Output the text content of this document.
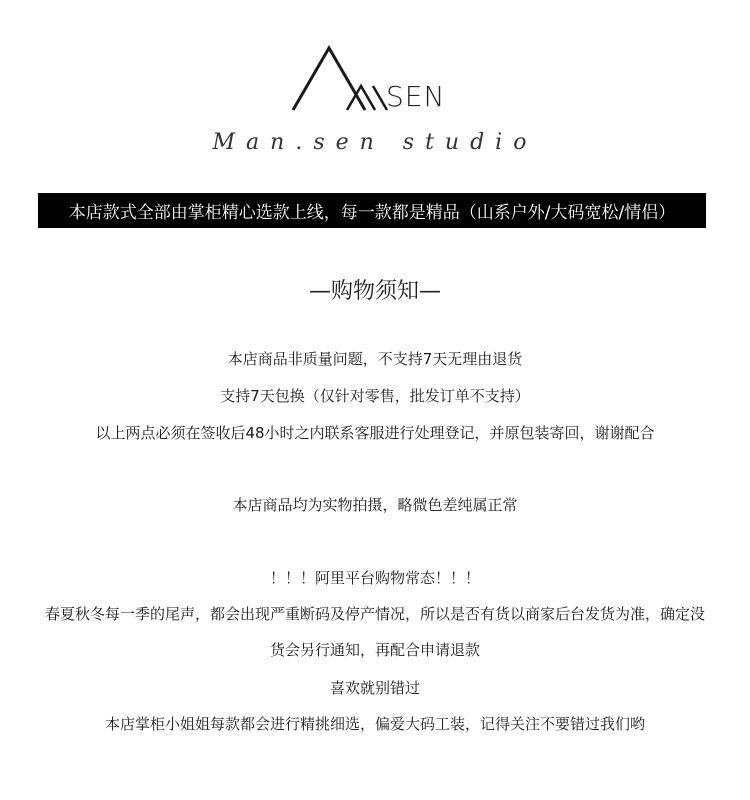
SEN
Man.sen studio
本店款式全部由掌柜精心选款上线，每一款都是精品（山系户外/大码宽松/情侣）
—购物须知—
本店商品非质量问题，不支持7天无理由退货
支持7天包换（仅针对零售，批发订单不支持）
以上两点必须在签收后48小时之内联系客服进行处理登记，并原包装寄回，谢谢配合
本店商品均为实物拍摄，略微色差纯属正常
！！！阿里平台购物常态！！！
春夏秋冬每一季的尾声，都会出现严重断码及停产情况，所以是否有货以商家后台发货为准，确定没
货会另行通知，再配合申请退款
喜欢就别错过
本店掌柜小姐姐每款都会进行精挑细选，偏爱大码工装，记得关注不要错过我们哟
